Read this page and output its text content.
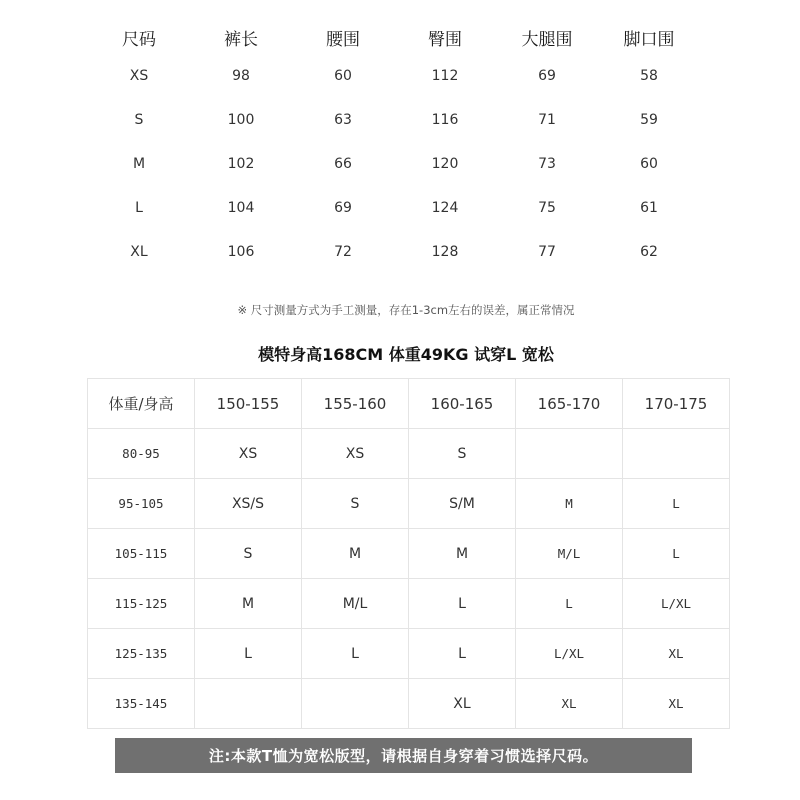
尺码	裤长	腰围	臀围	大腿围	脚口围
XS	98	60	112	69	58
S	100	63	116	71	59
M	102	66	120	73	60
L	104	69	124	75	61
XL	106	72	128	77	62
※ 尺寸测量方式为手工测量，存在1-3cm左右的误差，属正常情况
模特身高168CM 体重49KG 试穿L 宽松
体重/身高	150-155	155-160	160-165	165-170	170-175
80-95	XS	XS	S		
95-105	XS/S	S	S/M	M	L
105-115	S	M	M	M/L	L
115-125	M	M/L	L	L	L/XL
125-135	L	L	L	L/XL	XL
135-145			XL	XL	XL
注:本款T恤为宽松版型，请根据自身穿着习惯选择尺码。
